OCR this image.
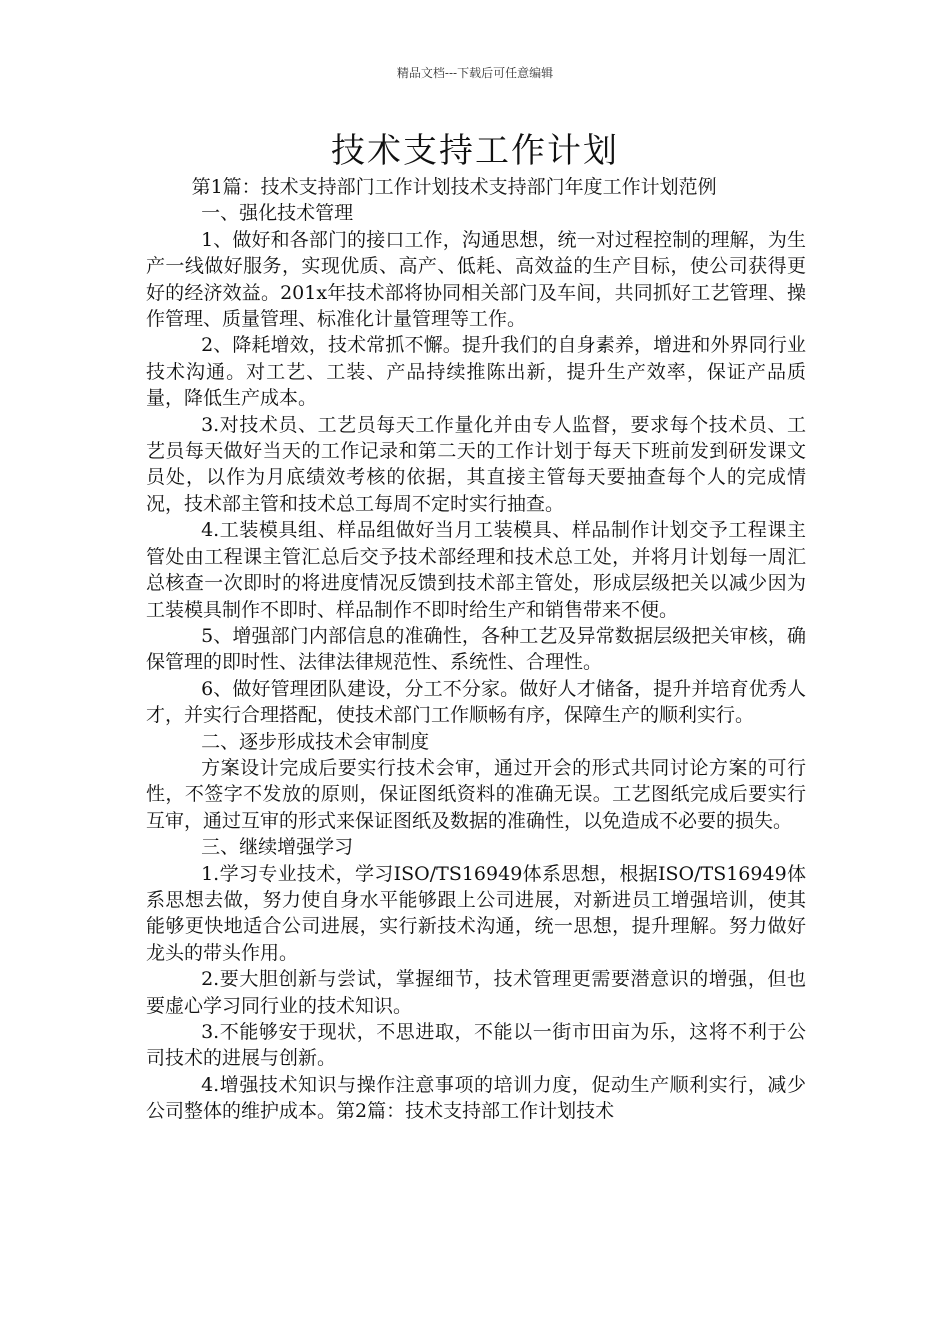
精品文档---下载后可任意编辑
技术支持工作计划

第1篇：技术支持部门工作计划技术支持部门年度工作计划范例

一、强化技术管理

1、做好和各部门的接口工作，沟通思想，统一对过程控制的理解，为生产一线做好服务，实现优质、高产、低耗、高效益的生产目标，使公司获得更好的经济效益。201x年技术部将协同相关部门及车间，共同抓好工艺管理、操作管理、质量管理、标准化计量管理等工作。

2、降耗增效，技术常抓不懈。提升我们的自身素养，增进和外界同行业技术沟通。对工艺、工装、产品持续推陈出新，提升生产效率，保证产品质量，降低生产成本。

3.对技术员、工艺员每天工作量化并由专人监督，要求每个技术员、工艺员每天做好当天的工作记录和第二天的工作计划于每天下班前发到研发课文员处，以作为月底绩效考核的依据，其直接主管每天要抽查每个人的完成情况，技术部主管和技术总工每周不定时实行抽查。

4.工装模具组、样品组做好当月工装模具、样品制作计划交予工程课主管处由工程课主管汇总后交予技术部经理和技术总工处，并将月计划每一周汇总核查一次即时的将进度情况反馈到技术部主管处，形成层级把关以减少因为工装模具制作不即时、样品制作不即时给生产和销售带来不便。

5、增强部门内部信息的准确性，各种工艺及异常数据层级把关审核，确保管理的即时性、法律法律规范性、系统性、合理性。

6、做好管理团队建设，分工不分家。做好人才储备，提升并培育优秀人才，并实行合理搭配，使技术部门工作顺畅有序，保障生产的顺利实行。

二、逐步形成技术会审制度

方案设计完成后要实行技术会审，通过开会的形式共同讨论方案的可行性，不签字不发放的原则，保证图纸资料的准确无误。工艺图纸完成后要实行互审，通过互审的形式来保证图纸及数据的准确性，以免造成不必要的损失。

三、继续增强学习

1.学习专业技术，学习ISO/TS16949体系思想，根据ISO/TS16949体系思想去做，努力使自身水平能够跟上公司进展，对新进员工增强培训，使其能够更快地适合公司进展，实行新技术沟通，统一思想，提升理解。努力做好龙头的带头作用。

2.要大胆创新与尝试，掌握细节，技术管理更需要潜意识的增强，但也要虚心学习同行业的技术知识。

3.不能够安于现状，不思进取，不能以一街市田亩为乐，这将不利于公司技术的进展与创新。

4.增强技术知识与操作注意事项的培训力度，促动生产顺利实行，减少公司整体的维护成本。第2篇：技术支持部工作计划技术
